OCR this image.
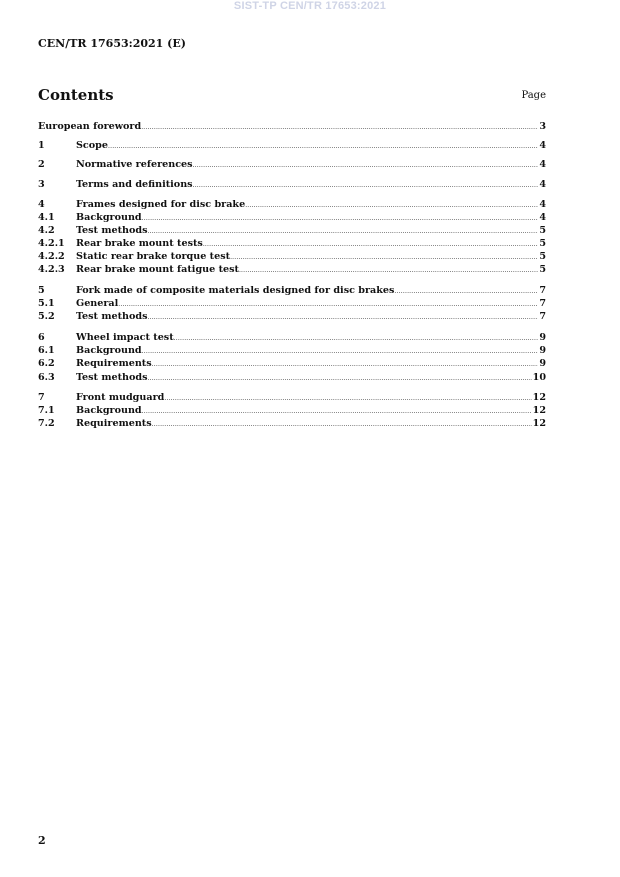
SIST-TP CEN/TR 17653:2021
CEN/TR 17653:2021 (E)
Contents	Page
European foreword .....	3
1	Scope .....	4
2	Normative references .....	4
3	Terms and definitions .....	4
4	Frames designed for disc brake .....	4
4.1	Background .....	4
4.2	Test methods .....	5
4.2.1	Rear brake mount tests .....	5
4.2.2	Static rear brake torque test .....	5
4.2.3	Rear brake mount fatigue test .....	5
5	Fork made of composite materials designed for disc brakes .....	7
5.1	General .....	7
5.2	Test methods .....	7
6	Wheel impact test .....	9
6.1	Background .....	9
6.2	Requirements .....	9
6.3	Test methods .....	10
7	Front mudguard .....	12
7.1	Background .....	12
7.2	Requirements .....	12
2
